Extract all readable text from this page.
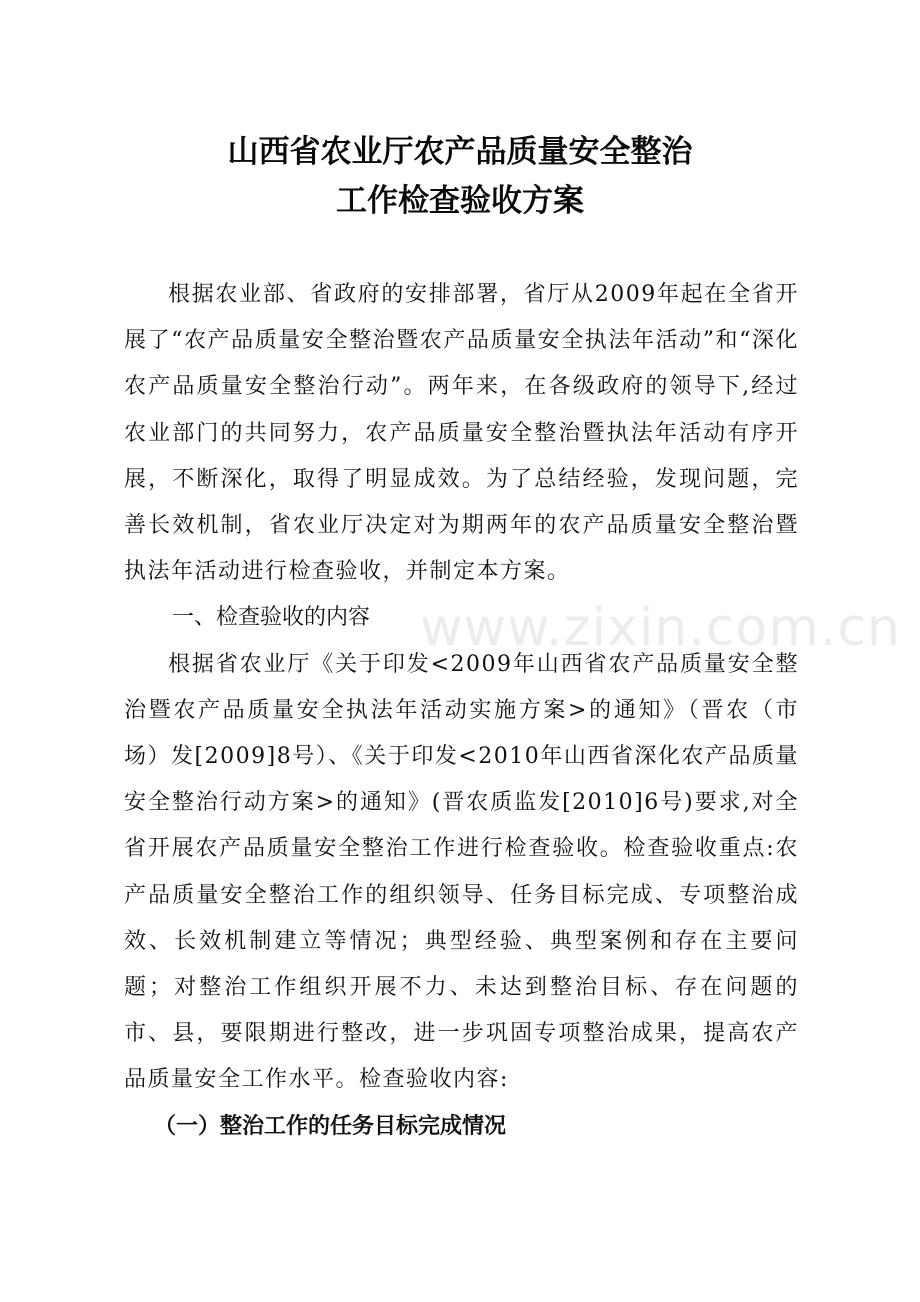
山西省农业厅农产品质量安全整治
工作检查验收方案

根据农业部、省政府的安排部署，省厅从2009年起在全省开展了“农产品质量安全整治暨农产品质量安全执法年活动”和“深化农产品质量安全整治行动”。两年来，在各级政府的领导下,经过农业部门的共同努力，农产品质量安全整治暨执法年活动有序开展，不断深化，取得了明显成效。为了总结经验，发现问题，完善长效机制，省农业厅决定对为期两年的农产品质量安全整治暨执法年活动进行检查验收，并制定本方案。

一、检查验收的内容

根据省农业厅《关于印发<2009年山西省农产品质量安全整治暨农产品质量安全执法年活动实施方案>的通知》（晋农（市场）发[2009]8号）、《关于印发<2010年山西省深化农产品质量安全整治行动方案>的通知》(晋农质监发[2010]6号)要求,对全省开展农产品质量安全整治工作进行检查验收。检查验收重点:农产品质量安全整治工作的组织领导、任务目标完成、专项整治成效、长效机制建立等情况；典型经验、典型案例和存在主要问题；对整治工作组织开展不力、未达到整治目标、存在问题的市、县，要限期进行整改，进一步巩固专项整治成果，提高农产品质量安全工作水平。检查验收内容:

（一）整治工作的任务目标完成情况

www.zixin.com.cn
